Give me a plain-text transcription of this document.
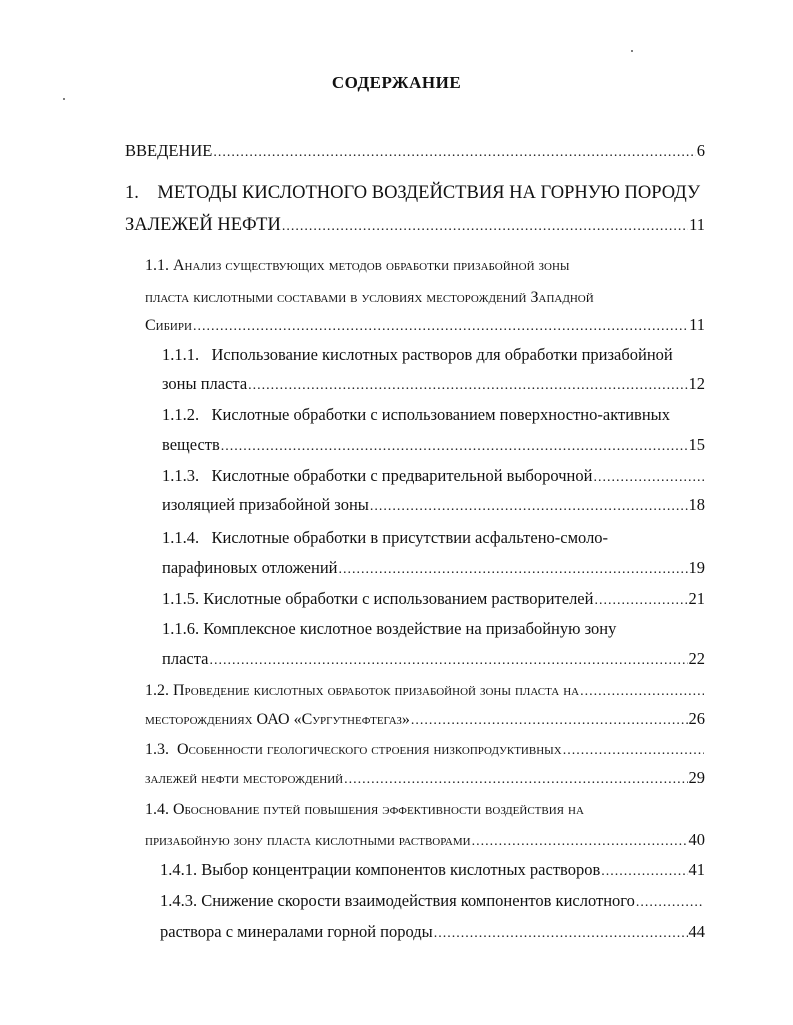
СОДЕРЖАНИЕ
ВВЕДЕНИЕ .....	6
1.    МЕТОДЫ КИСЛОТНОГО ВОЗДЕЙСТВИЯ НА ГОРНУЮ ПОРОДУ
ЗАЛЕЖЕЙ НЕФТИ .....	11
1.1. Анализ существующих методов обработки призабойной зоны
пласта кислотными составами в условиях месторождений Западной
Сибири .....	11
1.1.1.   Использование кислотных растворов для обработки призабойной
зоны пласта .....	12
1.1.2.   Кислотные обработки с использованием поверхностно-активных
веществ .....	15
1.1.3.   Кислотные обработки с предварительной выборочной
.....
изоляцией призабойной зоны .....	18
1.1.4.   Кислотные обработки в присутствии асфальтено-смоло-
парафиновых отложений .....	19
1.1.5. Кислотные обработки с использованием растворителей .....	21
1.1.6. Комплексное кислотное воздействие на призабойную зону
пласта .....	22
1.2. Проведение кислотных обработок призабойной зоны пласта на
.....
месторождениях ОАО «Сургутнефтегаз» .....	26
1.3.  Особенности геологического строения низкопродуктивных
.....
залежей нефти месторождений .....	29
1.4. Обоснование путей повышения эффективности воздействия на
призабойную зону пласта кислотными растворами .....	40
1.4.1. Выбор концентрации компонентов кислотных растворов .....	41
1.4.3. Снижение скорости взаимодействия компонентов кислотного
.....
раствора с минералами горной породы .....	44
